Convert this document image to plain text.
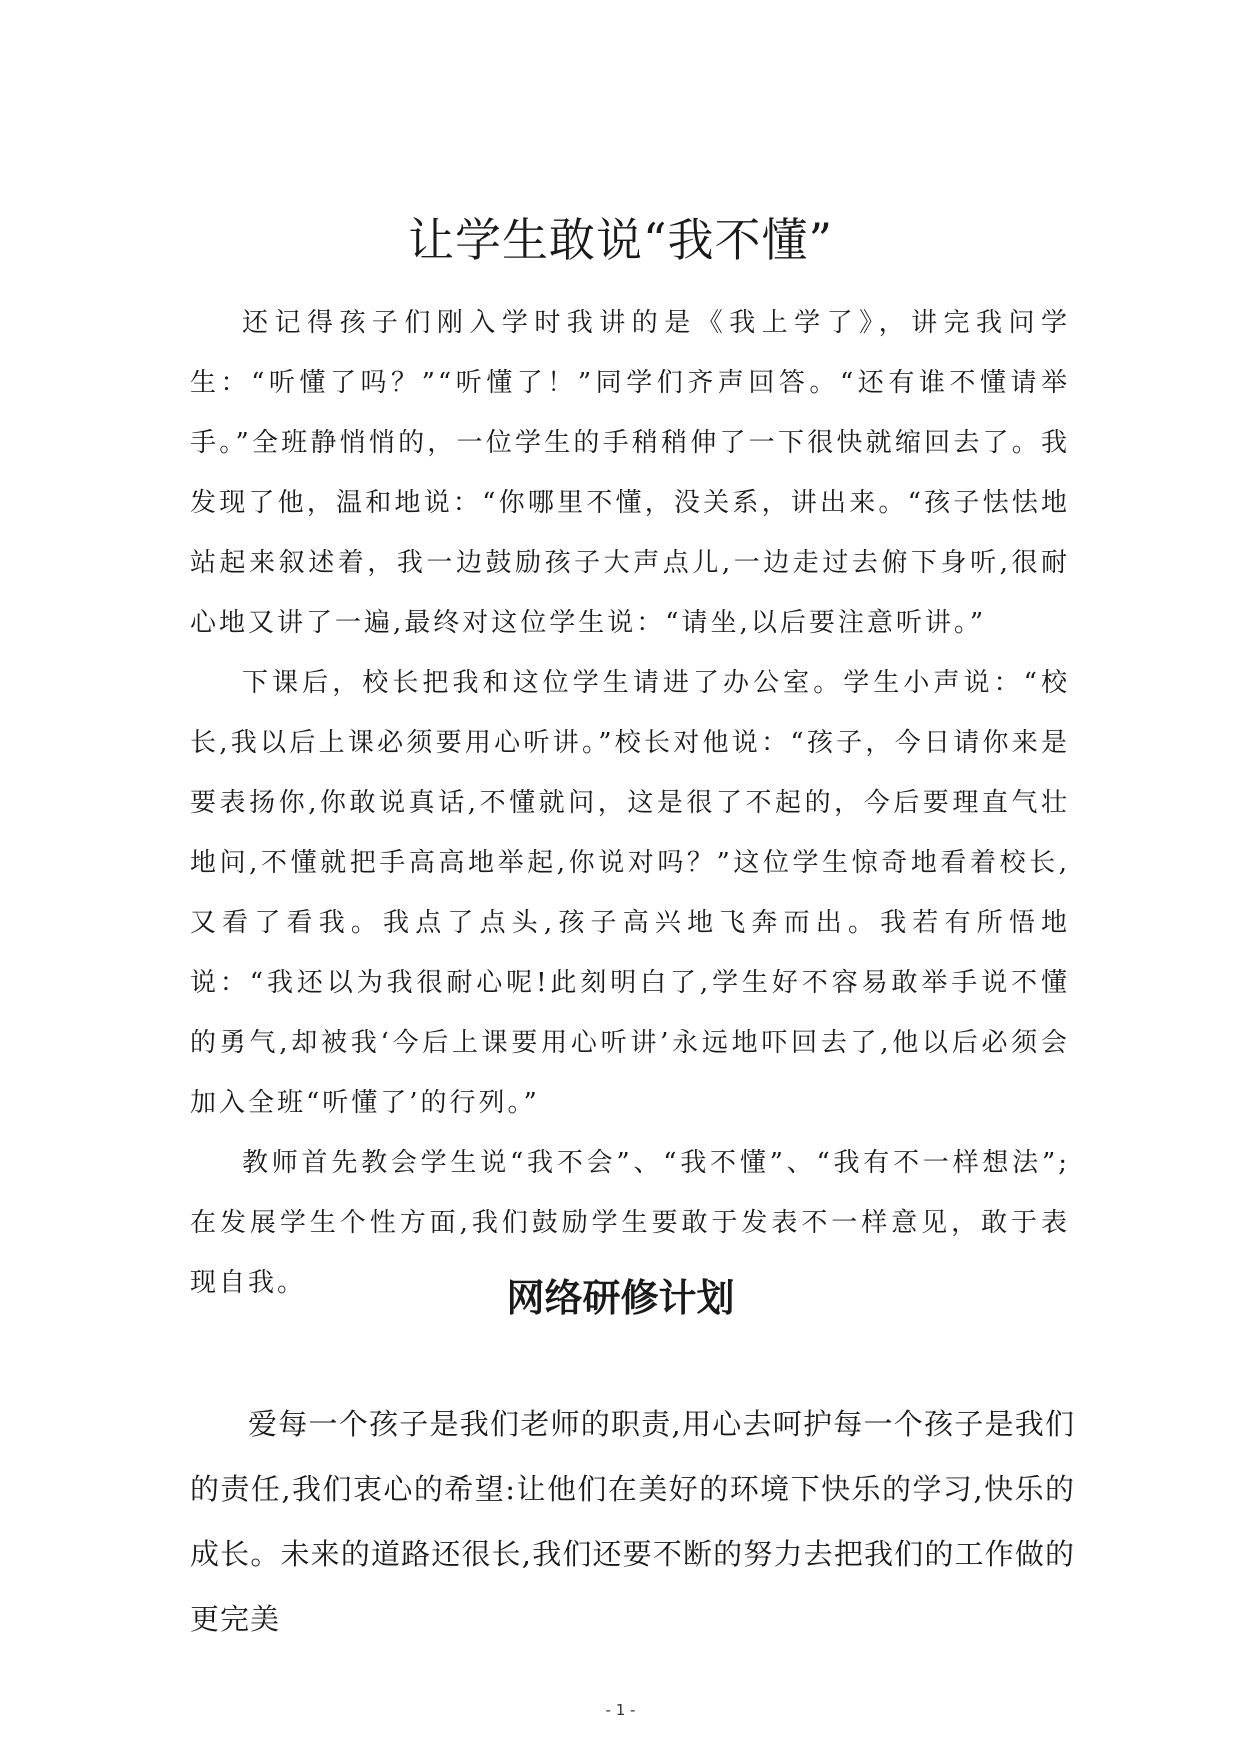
让学生敢说“我不懂”

还记得孩子们刚入学时我讲的是《我上学了》，讲完我问学生：“听懂了吗？”“听懂了！”同学们齐声回答。“还有谁不懂请举手。”全班静悄悄的，一位学生的手稍稍伸了一下很快就缩回去了。我发现了他，温和地说：“你哪里不懂，没关系，讲出来。“孩子怯怯地站起来叙述着，我一边鼓励孩子大声点儿,一边走过去俯下身听,很耐心地又讲了一遍,最终对这位学生说：“请坐,以后要注意听讲。”

下课后，校长把我和这位学生请进了办公室。学生小声说：“校长,我以后上课必须要用心听讲。”校长对他说：“孩子，今日请你来是要表扬你,你敢说真话,不懂就问，这是很了不起的，今后要理直气壮地问,不懂就把手高高地举起,你说对吗？”这位学生惊奇地看着校长,又看了看我。我点了点头,孩子高兴地飞奔而出。我若有所悟地说：“我还以为我很耐心呢!此刻明白了,学生好不容易敢举手说不懂的勇气,却被我‘今后上课要用心听讲’永远地吓回去了,他以后必须会加入全班“听懂了’的行列。”

教师首先教会学生说“我不会”、“我不懂”、“我有不一样想法”;在发展学生个性方面,我们鼓励学生要敢于发表不一样意见，敢于表现自我。	网络研修计划

爱每一个孩子是我们老师的职责,用心去呵护每一个孩子是我们的责任,我们衷心的希望:让他们在美好的环境下快乐的学习,快乐的成长。未来的道路还很长,我们还要不断的努力去把我们的工作做的更完美

- 1 -
